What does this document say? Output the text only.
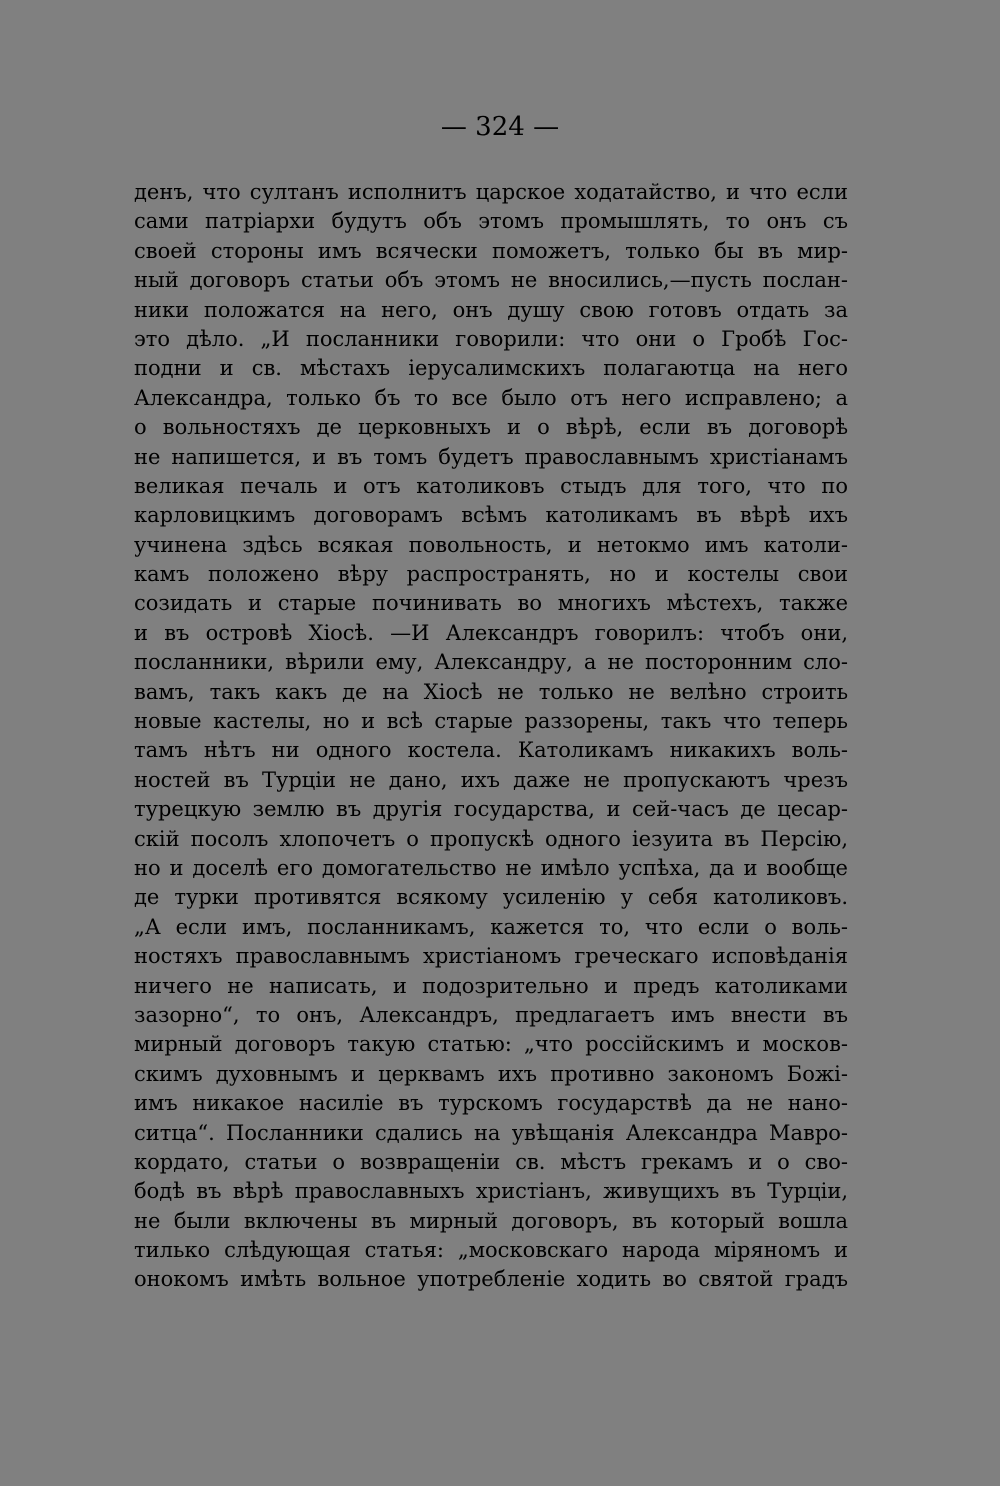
— 324 —
денъ, что султанъ исполнитъ царское ходатайство, и что если
сами патріархи будутъ объ этомъ промышлять, то онъ съ
своей стороны имъ всячески поможетъ, только бы въ мир-
ный договоръ статьи объ этомъ не вносились,—пусть послан-
ники положатся на него, онъ душу свою готовъ отдать за
это дѣло. „И посланники говорили: что они о Гробѣ Гос-
подни и св. мѣстахъ іерусалимскихъ полагаютца на него
Александра, только бъ то все было отъ него исправлено; а
о вольностяхъ де церковныхъ и о вѣрѣ, если въ договорѣ
не напишется, и въ томъ будетъ православнымъ христіанамъ
великая печаль и отъ католиковъ стыдъ для того, что по
карловицкимъ договорамъ всѣмъ католикамъ въ вѣрѣ ихъ
учинена здѣсь всякая повольность, и нетокмо имъ католи-
камъ положено вѣру распространять, но и костелы свои
созидать и старые починивать во многихъ мѣстехъ, также
и въ островѣ Хіосѣ. —И Александръ говорилъ: чтобъ они,
посланники, вѣрили ему, Александру, а не посторонним сло-
вамъ, такъ какъ де на Хіосѣ не только не велѣно строить
новые кастелы, но и всѣ старые раззорены, такъ что теперь
тамъ нѣтъ ни одного костела. Католикамъ никакихъ воль-
ностей въ Турціи не дано, ихъ даже не пропускаютъ чрезъ
турецкую землю въ другія государства, и сей-часъ де цесар-
скій посолъ хлопочетъ о пропускѣ одного іезуита въ Персію,
но и доселѣ его домогательство не имѣло успѣха, да и вообще
де турки противятся всякому усиленію у себя католиковъ.
„А если имъ, посланникамъ, кажется то, что если о воль-
ностяхъ православнымъ христіаномъ греческаго исповѣданія
ничего не написать, и подозрительно и предъ католиками
зазорно“, то онъ, Александръ, предлагаетъ имъ внести въ
мирный договоръ такую статью: „что россійскимъ и москов-
скимъ духовнымъ и церквамъ ихъ противно закономъ Божі-
имъ никакое насиліе въ турскомъ государствѣ да не нано-
ситца“. Посланники сдались на увѣщанія Александра Мавро-
кордато, статьи о возвращеніи св. мѣстъ грекамъ и о сво-
бодѣ въ вѣрѣ православныхъ христіанъ, живущихъ въ Турціи,
не были включены въ мирный договоръ, въ который вошла
тилько слѣдующая статья: „московскаго народа міряномъ и
онокомъ имѣть вольное употребленіе ходить во святой градъ
